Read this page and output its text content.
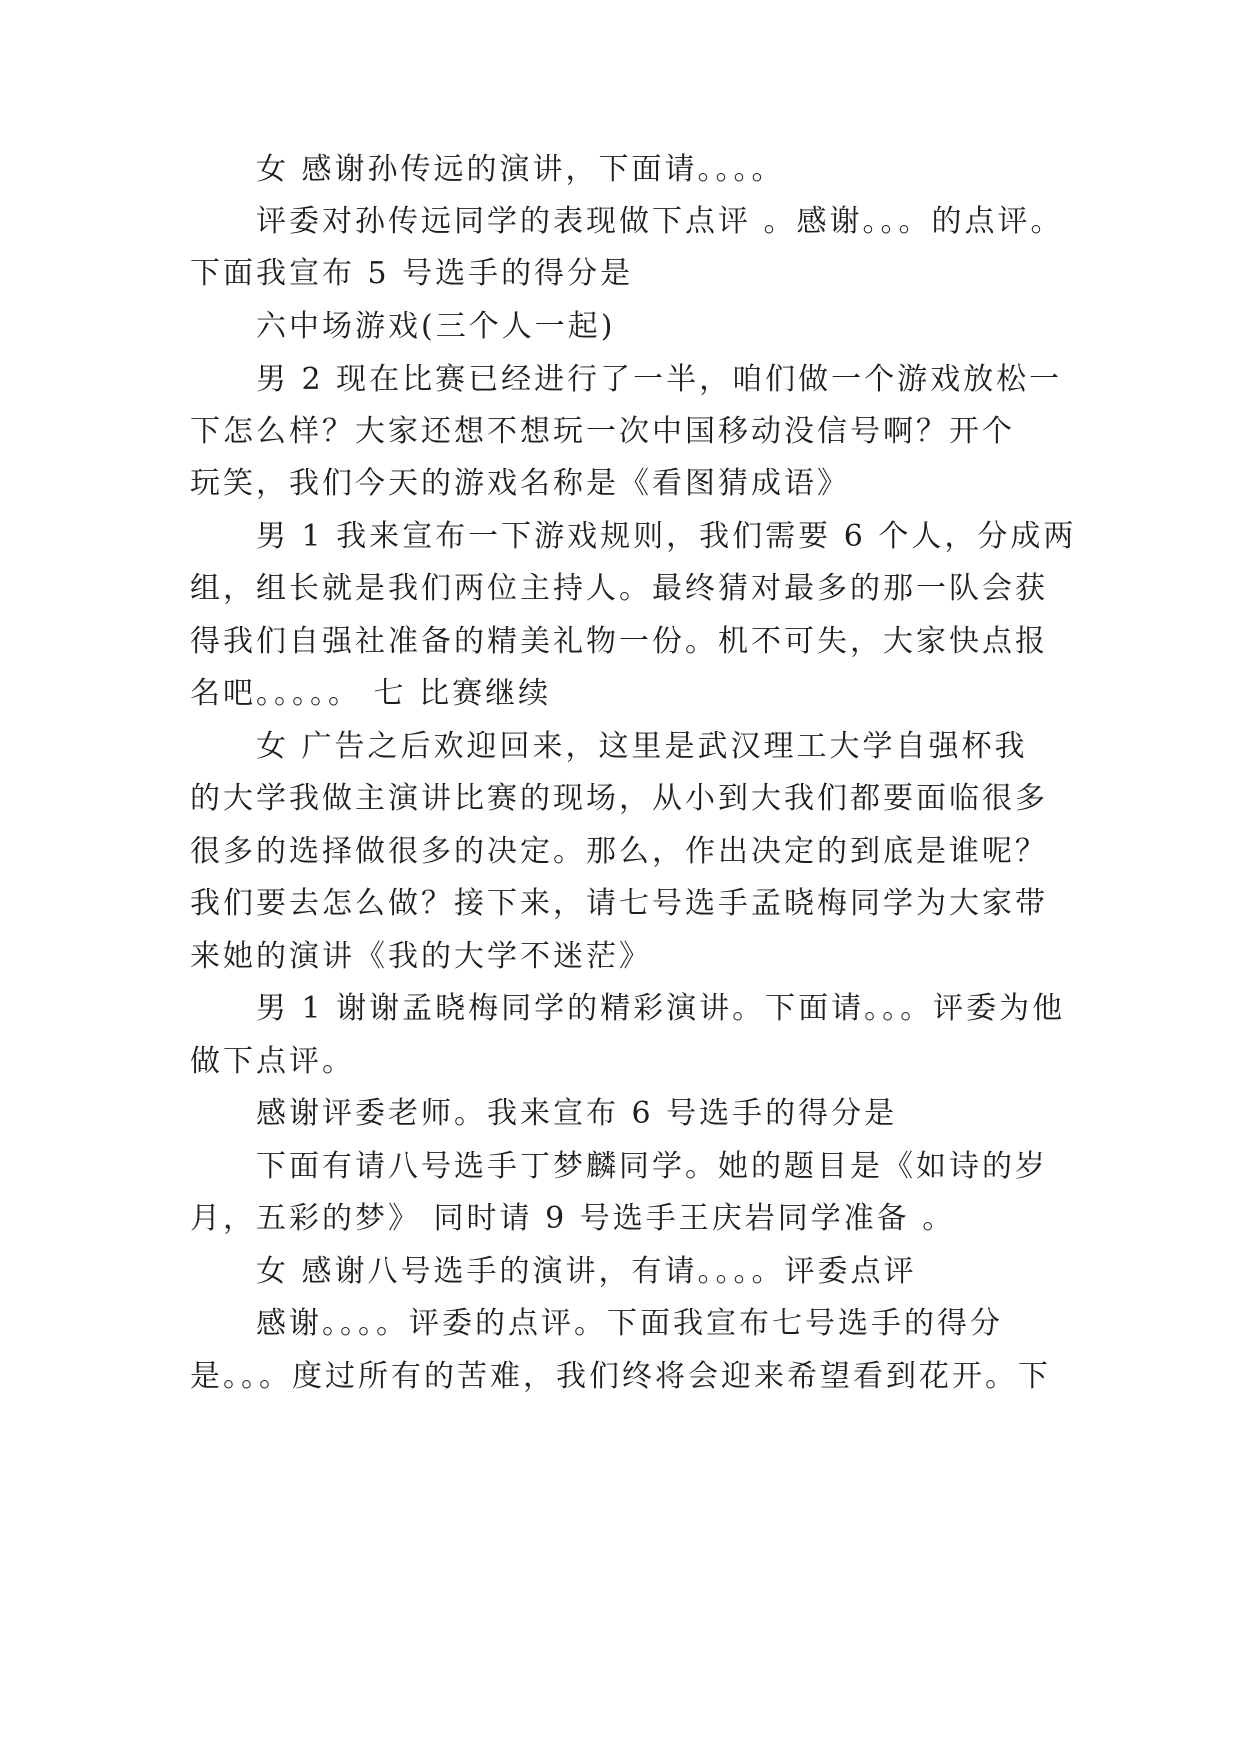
女 感谢孙传远的演讲，下面请。。。。
评委对孙传远同学的表现做下点评 。感谢。。。的点评。
下面我宣布 5 号选手的得分是
六中场游戏(三个人一起)
男 2 现在比赛已经进行了一半，咱们做一个游戏放松一
下怎么样？大家还想不想玩一次中国移动没信号啊？开个
玩笑，我们今天的游戏名称是《看图猜成语》
男 1 我来宣布一下游戏规则，我们需要 6 个人，分成两
组，组长就是我们两位主持人。最终猜对最多的那一队会获
得我们自强社准备的精美礼物一份。机不可失，大家快点报
名吧。。。。。 七 比赛继续
女 广告之后欢迎回来，这里是武汉理工大学自强杯我
的大学我做主演讲比赛的现场，从小到大我们都要面临很多
很多的选择做很多的决定。那么，作出决定的到底是谁呢？
我们要去怎么做？接下来，请七号选手孟晓梅同学为大家带
来她的演讲《我的大学不迷茫》
男 1 谢谢孟晓梅同学的精彩演讲。下面请。。。评委为他
做下点评。
感谢评委老师。我来宣布 6 号选手的得分是
下面有请八号选手丁梦麟同学。她的题目是《如诗的岁
月，五彩的梦》 同时请 9 号选手王庆岩同学准备 。
女 感谢八号选手的演讲，有请。。。。评委点评
感谢。。。。评委的点评。下面我宣布七号选手的得分
是。。。度过所有的苦难，我们终将会迎来希望看到花开。下
